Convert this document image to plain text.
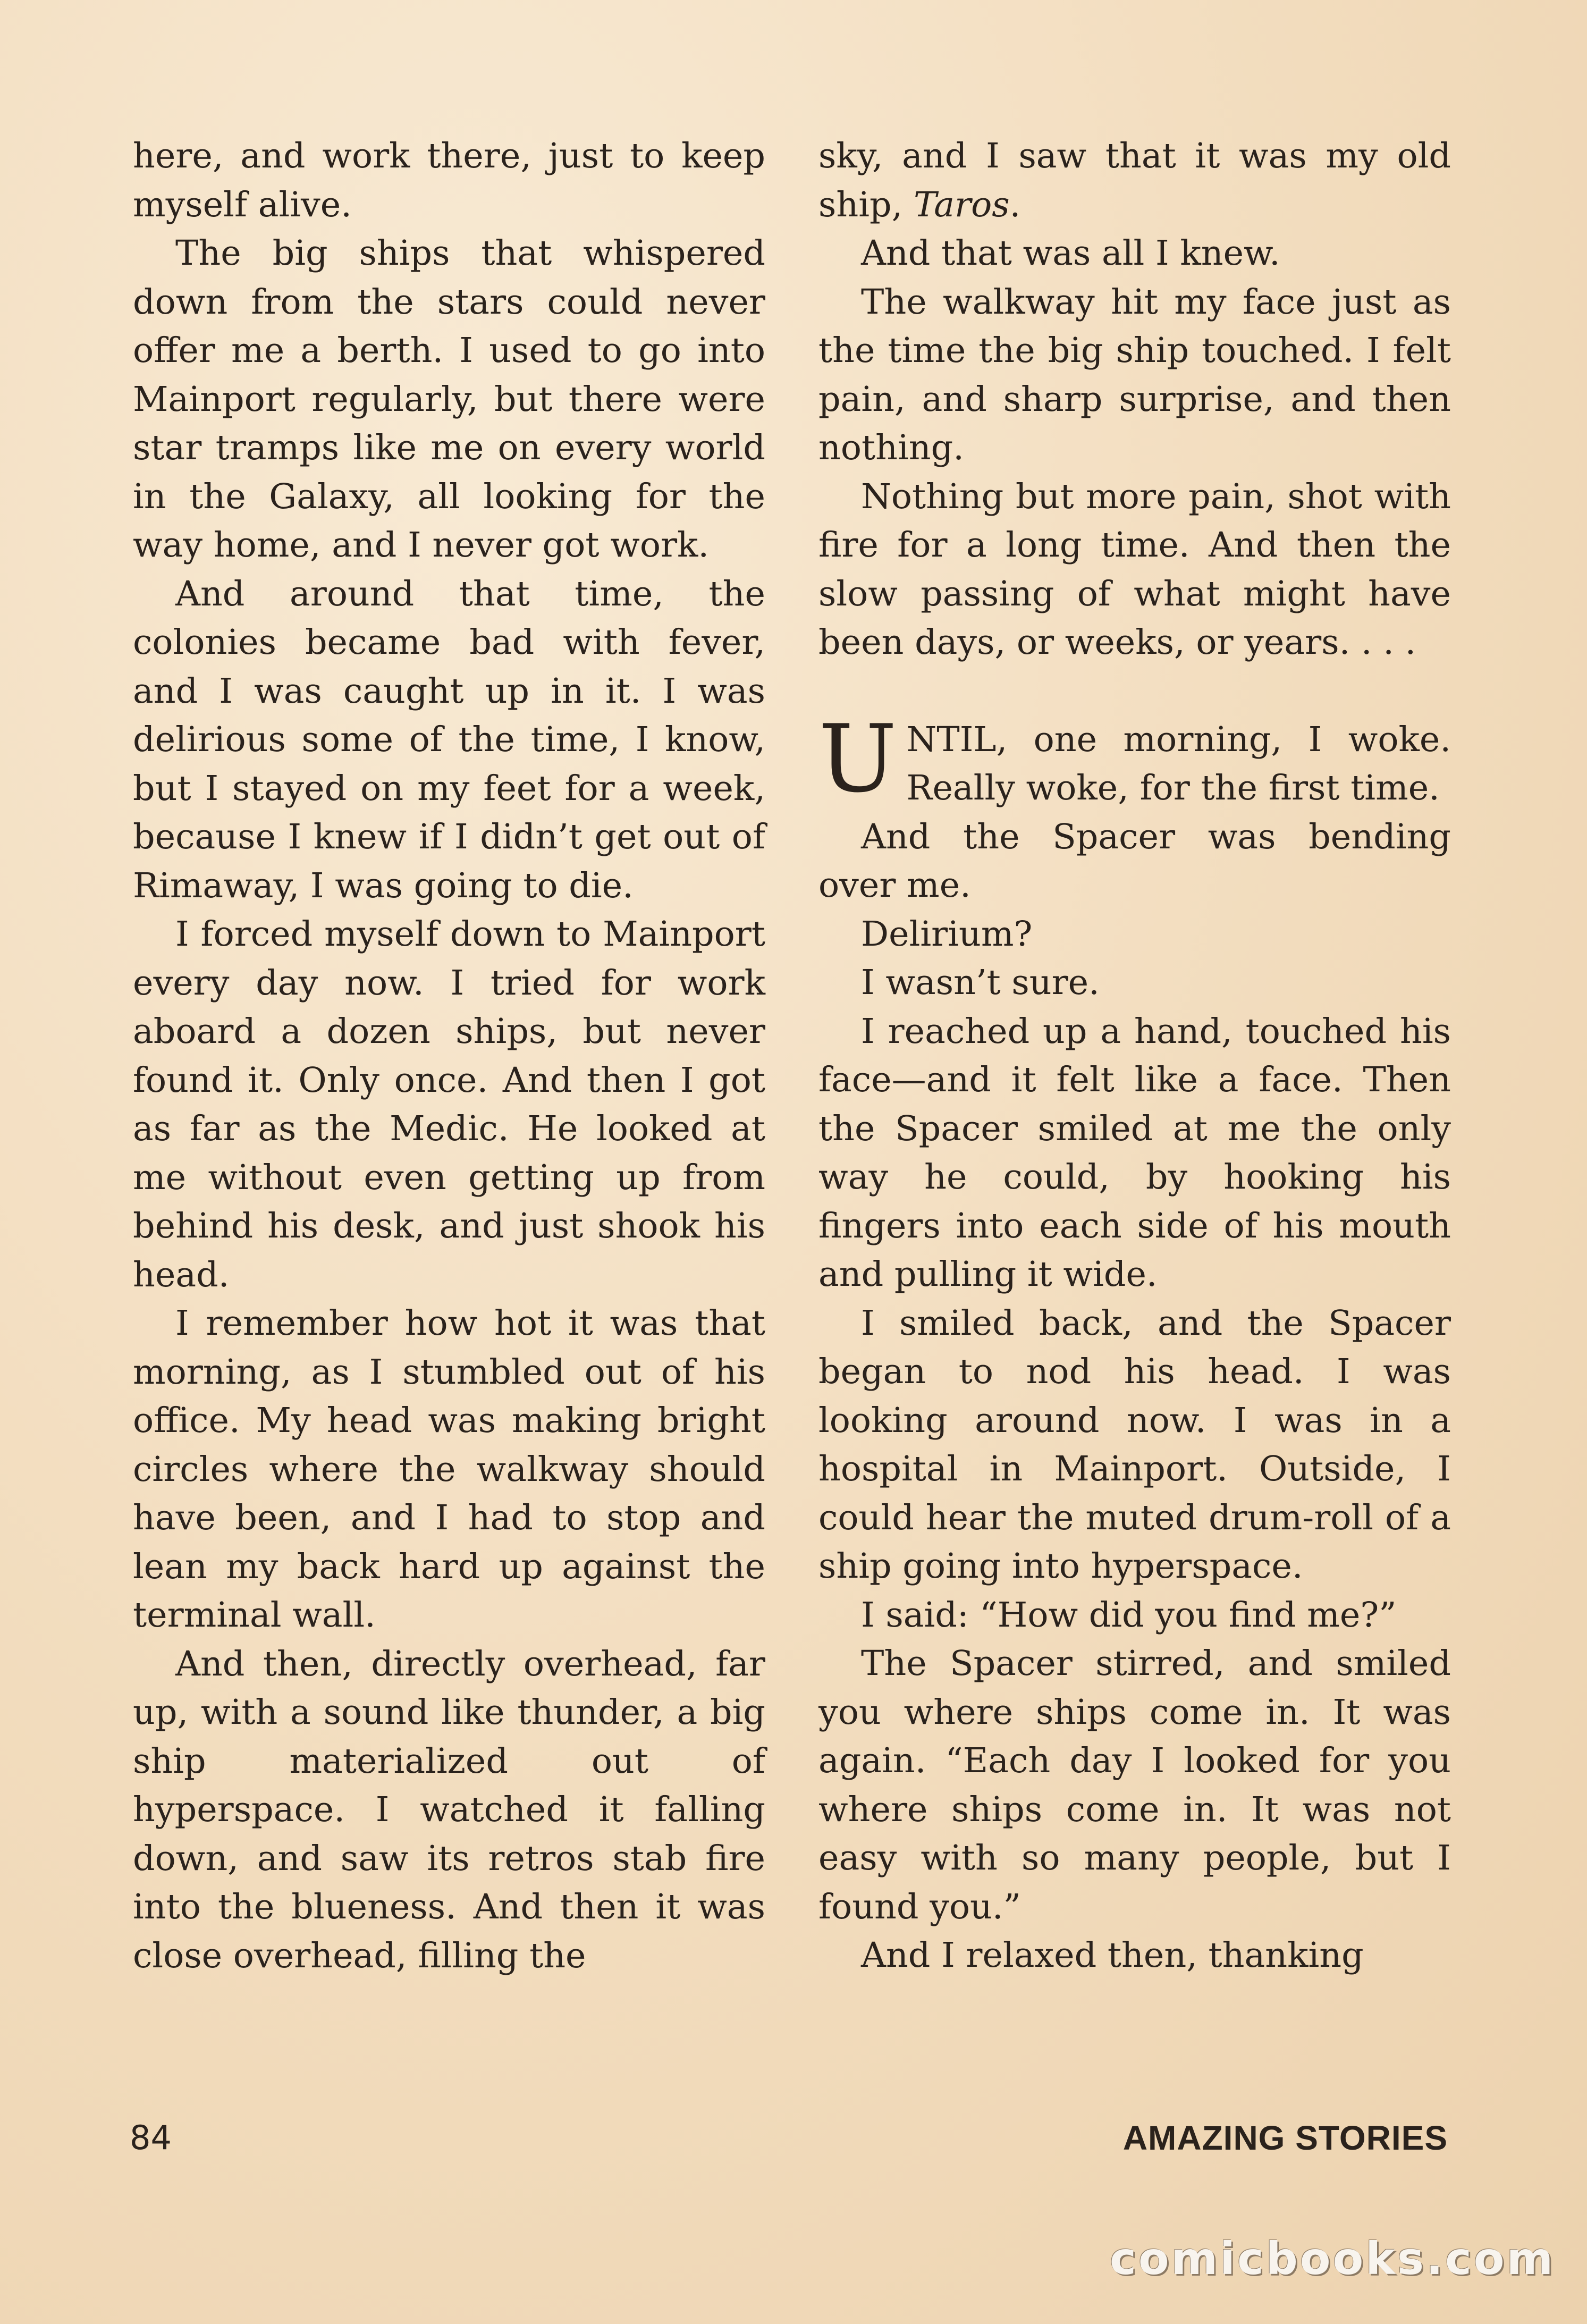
here, and work there, just to keep myself alive.

The big ships that whispered down from the stars could never offer me a berth. I used to go into Mainport regularly, but there were star tramps like me on every world in the Galaxy, all looking for the way home, and I never got work.

And around that time, the colonies became bad with fever, and I was caught up in it. I was delirious some of the time, I know, but I stayed on my feet for a week, because I knew if I didn’t get out of Rimaway, I was going to die.

I forced myself down to Mainport every day now. I tried for work aboard a dozen ships, but never found it. Only once. And then I got as far as the Medic. He looked at me without even getting up from behind his desk, and just shook his head.

I remember how hot it was that morning, as I stumbled out of his office. My head was making bright circles where the walkway should have been, and I had to stop and lean my back hard up against the terminal wall.

And then, directly overhead, far up, with a sound like thunder, a big ship materialized out of hyperspace. I watched it falling down, and saw its retros stab fire into the blueness. And then it was close overhead, filling the

sky, and I saw that it was my old ship, Taros.

And that was all I knew.

The walkway hit my face just as the time the big ship touched. I felt pain, and sharp surprise, and then nothing.

Nothing but more pain, shot with fire for a long time. And then the slow passing of what might have been days, or weeks, or years. . . .

UNTIL, one morning, I woke. Really woke, for the first time.

And the Spacer was bending over me.

Delirium?

I wasn’t sure.

I reached up a hand, touched his face—and it felt like a face. Then the Spacer smiled at me the only way he could, by hooking his fingers into each side of his mouth and pulling it wide.

I smiled back, and the Spacer began to nod his head. I was looking around now. I was in a hospital in Mainport. Outside, I could hear the muted drum-roll of a ship going into hyperspace.

I said: “How did you find me?”

The Spacer stirred, and smiled you where ships come in. It was again. “Each day I looked for you where ships come in. It was not easy with so many people, but I found you.”

And I relaxed then, thanking

84	AMAZING STORIES
comicbooks.com
